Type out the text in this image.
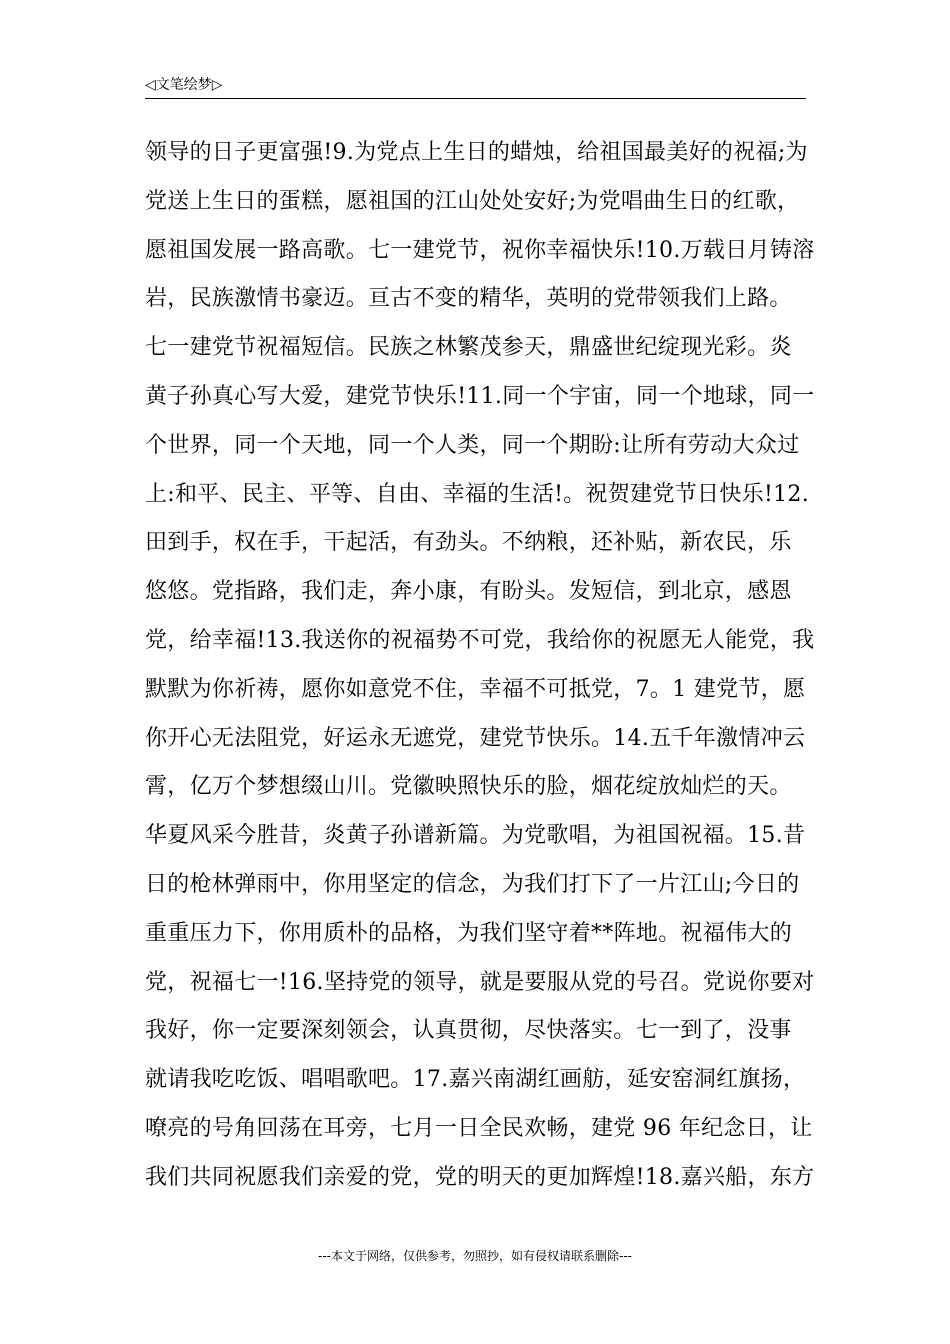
◁文笔绘梦▷
领导的日子更富强!9.为党点上生日的蜡烛，给祖国最美好的祝福;为
党送上生日的蛋糕，愿祖国的江山处处安好;为党唱曲生日的红歌，
愿祖国发展一路高歌。七一建党节，祝你幸福快乐!10.万载日月铸溶
岩，民族激情书豪迈。亘古不变的精华，英明的党带领我们上路。
七一建党节祝福短信。民族之林繁茂参天，鼎盛世纪绽现光彩。炎
黄子孙真心写大爱，建党节快乐!11.同一个宇宙，同一个地球，同一
个世界，同一个天地，同一个人类，同一个期盼:让所有劳动大众过
上:和平、民主、平等、自由、幸福的生活!。祝贺建党节日快乐!12.
田到手，权在手，干起活，有劲头。不纳粮，还补贴，新农民，乐
悠悠。党指路，我们走，奔小康，有盼头。发短信，到北京，感恩
党，给幸福!13.我送你的祝福势不可党，我给你的祝愿无人能党，我
默默为你祈祷，愿你如意党不住，幸福不可抵党，7。1 建党节，愿
你开心无法阻党，好运永无遮党，建党节快乐。14.五千年激情冲云
霄，亿万个梦想缀山川。党徽映照快乐的脸，烟花绽放灿烂的天。
华夏风采今胜昔，炎黄子孙谱新篇。为党歌唱，为祖国祝福。15.昔
日的枪林弹雨中，你用坚定的信念，为我们打下了一片江山;今日的
重重压力下，你用质朴的品格，为我们坚守着**阵地。祝福伟大的
党，祝福七一!16.坚持党的领导，就是要服从党的号召。党说你要对
我好，你一定要深刻领会，认真贯彻，尽快落实。七一到了，没事
就请我吃吃饭、唱唱歌吧。17.嘉兴南湖红画舫，延安窑洞红旗扬，
嘹亮的号角回荡在耳旁，七月一日全民欢畅，建党 96 年纪念日，让
我们共同祝愿我们亲爱的党，党的明天的更加辉煌!18.嘉兴船，东方
---本文于网络，仅供参考，勿照抄，如有侵权请联系删除---
